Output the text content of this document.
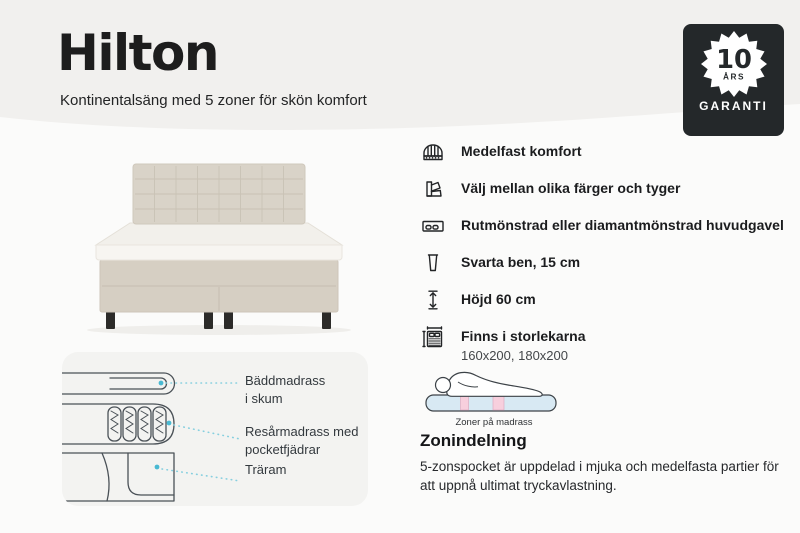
Hilton
Kontinentalsäng med 5 zoner för skön komfort
10
ÅRS
GARANTI
Medelfast komfort
Välj mellan olika färger och tyger
Rutmönstrad eller diamantmönstrad huvudgavel
Svarta ben, 15 cm
Höjd 60 cm
Finns i storlekarna
160x200, 180x200
Bäddmadrass
i skum
Resårmadrass med
pocketfjädrar
Träram
Zoner på madrass
Zonindelning
5-zonspocket är uppdelad i mjuka och medelfasta partier för att uppnå ultimat tryckavlastning.
